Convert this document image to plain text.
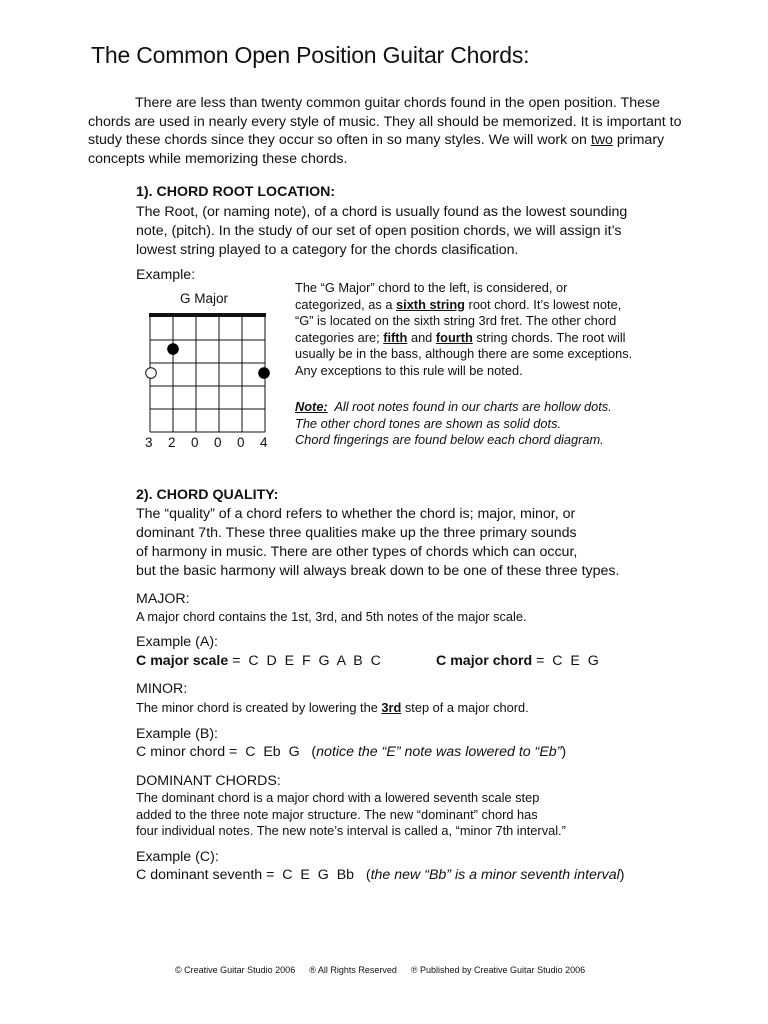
The Common Open Position Guitar Chords:
There are less than twenty common guitar chords found in the open position. These chords are used in nearly every style of music. They all should be memorized. It is important to study these chords since they occur so often in so many styles. We will work on two primary concepts while memorizing these chords.
1). CHORD ROOT LOCATION:
The Root, (or naming note), of a chord is usually found as the lowest sounding
note, (pitch). In the study of our set of open position chords, we will assign it’s
lowest string played to a category for the chords clasification.
Example:
G Major
3 2 0 0 0 4
The “G Major” chord to the left, is considered, or
categorized, as a sixth string root chord. It’s lowest note,
“G” is located on the sixth string 3rd fret. The other chord
categories are; fifth and fourth string chords. The root will
usually be in the bass, although there are some exceptions.
Any exceptions to this rule will be noted.
Note:  All root notes found in our charts are hollow dots.
The other chord tones are shown as solid dots.
Chord fingerings are found below each chord diagram.
2). CHORD QUALITY:
The “quality” of a chord refers to whether the chord is; major, minor, or
dominant 7th. These three qualities make up the three primary sounds
of harmony in music. There are other types of chords which can occur,
but the basic harmony will always break down to be one of these three types.
MAJOR:
A major chord contains the 1st, 3rd, and 5th notes of the major scale.
Example (A):
C major scale =  C  D  E  F  G  A  B  C	C major chord =  C  E  G
MINOR:
The minor chord is created by lowering the 3rd step of a major chord.
Example (B):
C minor chord =  C  Eb  G   (notice the “E” note was lowered to “Eb”)
DOMINANT CHORDS:
The dominant chord is a major chord with a lowered seventh scale step
added to the three note major structure. The new “dominant” chord has
four individual notes. The new note’s interval is called a, “minor 7th interval.”
Example (C):
C dominant seventh =  C  E  G  Bb   (the new “Bb” is a minor seventh interval)
© Creative Guitar Studio 2006 ® All Rights Reserved ℗ Published by Creative Guitar Studio 2006
